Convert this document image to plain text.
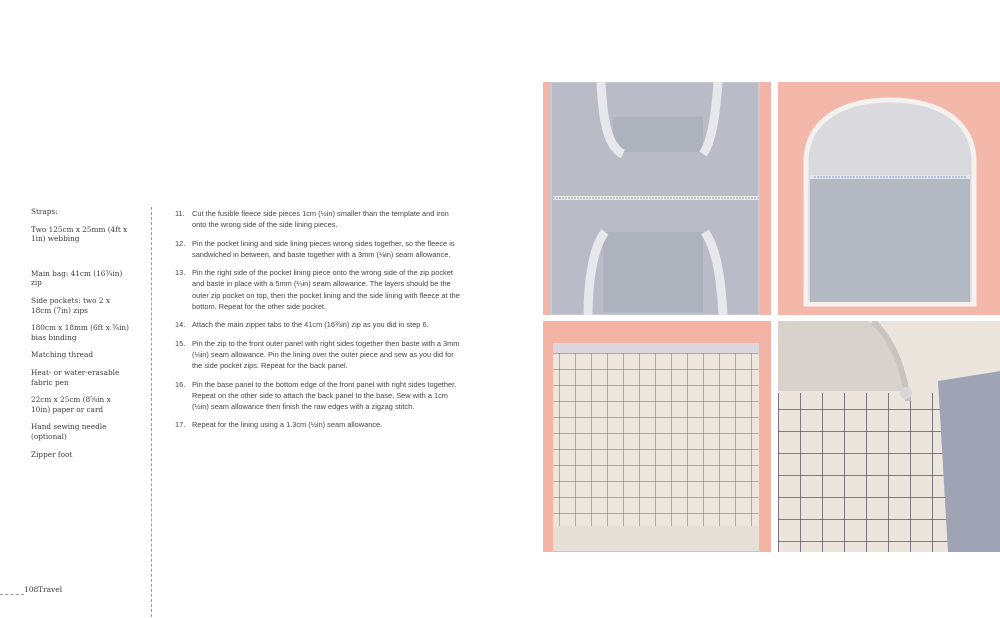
Straps:
Two 125cm x 25mm (4ft x 1in) webbing
Main bag: 41cm (16¾in) zip
Side pockets: two 2 x 18cm (7in) zips
180cm x 18mm (6ft x ¾in) bias binding
Matching thread
Heat- or water-erasable fabric pen
22cm x 25cm (8⅝in x 10in) paper or card
Hand sewing needle (optional)
Zipper foot
108 Travel
11. Cut the fusible fleece side pieces 1cm (½in) smaller than the template and iron onto the wrong side of the side lining pieces.
12. Pin the pocket lining and side lining pieces wrong sides together, so the fleece is sandwiched in between, and baste together with a 3mm (⅛in) seam allowance.
13. Pin the right side of the pocket lining piece onto the wrong side of the zip pocket and baste in place with a 5mm (¼in) seam allowance. The layers should be the outer zip pocket on top, then the pocket lining and the side lining with fleece at the bottom. Repeat for the other side pocket.
14. Attach the main zipper tabs to the 41cm (16¾in) zip as you did in step 6.
15. Pin the zip to the front outer panel with right sides together then baste with a 3mm (⅛in) seam allowance. Pin the lining over the outer piece and sew as you did for the side pocket zips. Repeat for the back panel.
16. Pin the base panel to the bottom edge of the front panel with right sides together. Repeat on the other side to attach the back panel to the base. Sew with a 1cm (½in) seam allowance then finish the raw edges with a zigzag stitch.
17. Repeat for the lining using a 1.3cm (½in) seam allowance.
